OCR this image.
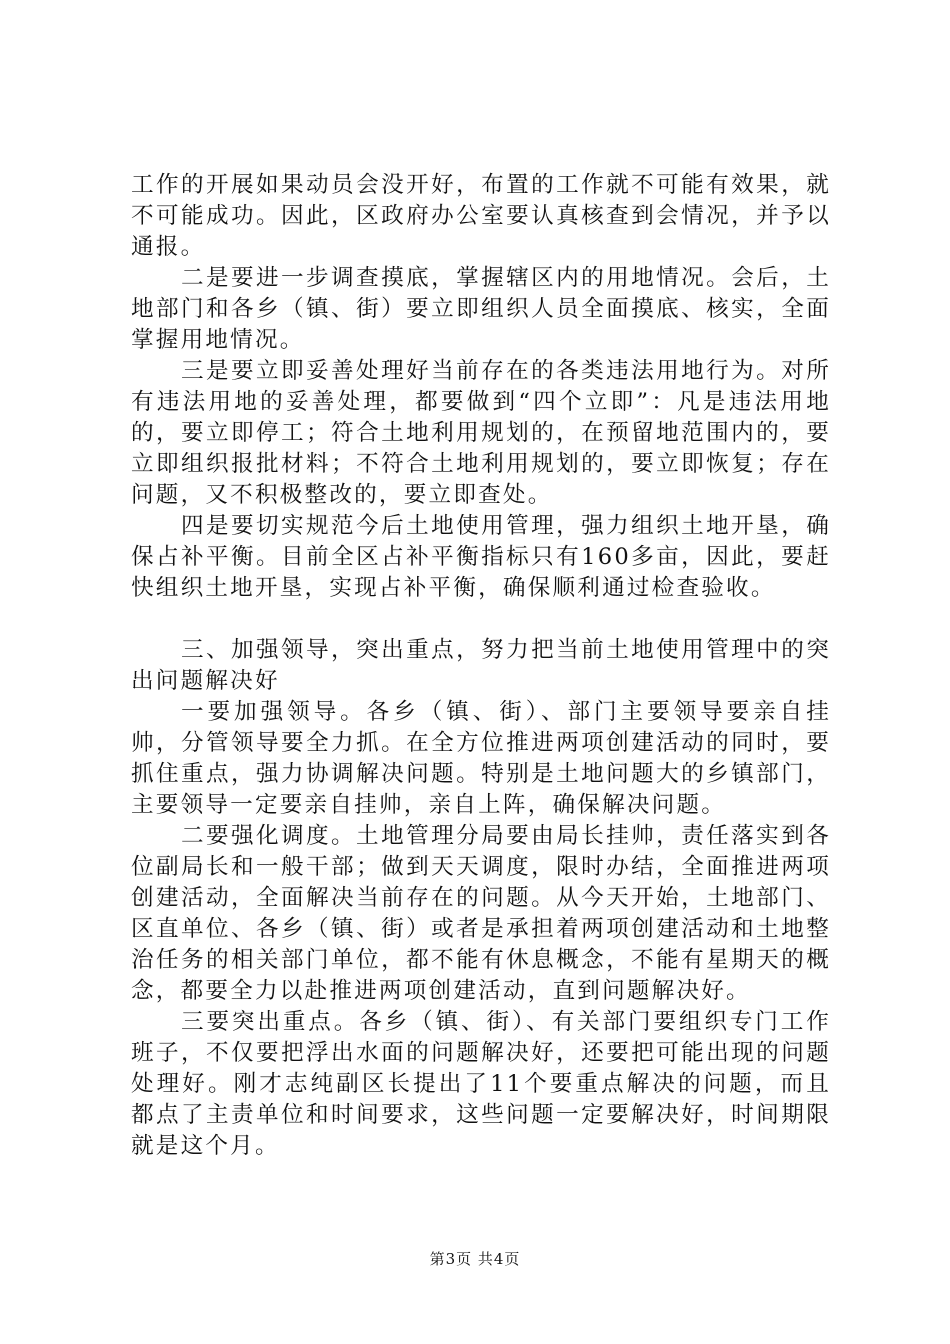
工作的开展如果动员会没开好，布置的工作就不可能有效果，就不可能成功。因此，区政府办公室要认真核查到会情况，并予以通报。

二是要进一步调查摸底，掌握辖区内的用地情况。会后，土地部门和各乡（镇、街）要立即组织人员全面摸底、核实，全面掌握用地情况。

三是要立即妥善处理好当前存在的各类违法用地行为。对所有违法用地的妥善处理，都要做到“四个立即”：凡是违法用地的，要立即停工；符合土地利用规划的，在预留地范围内的，要立即组织报批材料；不符合土地利用规划的，要立即恢复；存在问题，又不积极整改的，要立即查处。

四是要切实规范今后土地使用管理，强力组织土地开垦，确保占补平衡。目前全区占补平衡指标只有160多亩，因此，要赶快组织土地开垦，实现占补平衡，确保顺利通过检查验收。

三、加强领导，突出重点，努力把当前土地使用管理中的突出问题解决好

一要加强领导。各乡（镇、街）、部门主要领导要亲自挂帅，分管领导要全力抓。在全方位推进两项创建活动的同时，要抓住重点，强力协调解决问题。特别是土地问题大的乡镇部门，主要领导一定要亲自挂帅，亲自上阵，确保解决问题。

二要强化调度。土地管理分局要由局长挂帅，责任落实到各位副局长和一般干部；做到天天调度，限时办结，全面推进两项创建活动，全面解决当前存在的问题。从今天开始，土地部门、区直单位、各乡（镇、街）或者是承担着两项创建活动和土地整治任务的相关部门单位，都不能有休息概念，不能有星期天的概念，都要全力以赴推进两项创建活动，直到问题解决好。

三要突出重点。各乡（镇、街）、有关部门要组织专门工作班子，不仅要把浮出水面的问题解决好，还要把可能出现的问题处理好。刚才志纯副区长提出了11个要重点解决的问题，而且都点了主责单位和时间要求，这些问题一定要解决好，时间期限就是这个月。

第3页 共4页
